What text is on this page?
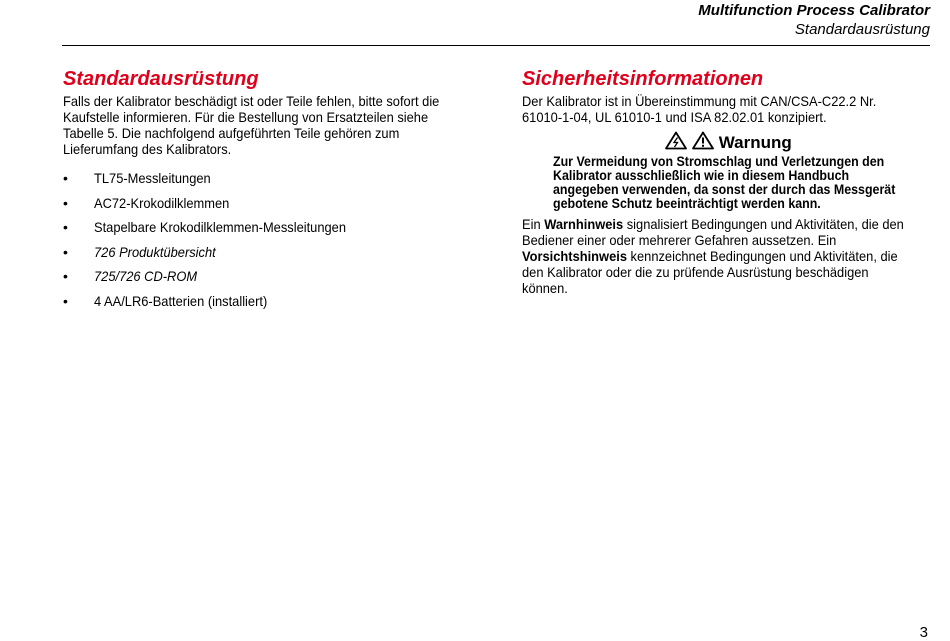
Multifunction Process Calibrator
Standardausrüstung
Standardausrüstung

Falls der Kalibrator beschädigt ist oder Teile fehlen, bitte sofort die Kaufstelle informieren. Für die Bestellung von Ersatzteilen siehe Tabelle 5. Die nachfolgend aufgeführten Teile gehören zum Lieferumfang des Kalibrators.

• TL75-Messleitungen
• AC72-Krokodilklemmen
• Stapelbare Krokodilklemmen-Messleitungen
• 726 Produktübersicht
• 725/726 CD-ROM
• 4 AA/LR6-Batterien (installiert)
Sicherheitsinformationen

Der Kalibrator ist in Übereinstimmung mit CAN/CSA-C22.2 Nr. 61010-1-04, UL 61010-1 und ISA 82.02.01 konzipiert.

Warnung

Zur Vermeidung von Stromschlag und Verletzungen den Kalibrator ausschließlich wie in diesem Handbuch angegeben verwenden, da sonst der durch das Messgerät gebotene Schutz beeinträchtigt werden kann.

Ein Warnhinweis signalisiert Bedingungen und Aktivitäten, die den Bediener einer oder mehrerer Gefahren aussetzen. Ein Vorsichtshinweis kennzeichnet Bedingungen und Aktivitäten, die den Kalibrator oder die zu prüfende Ausrüstung beschädigen können.

3
